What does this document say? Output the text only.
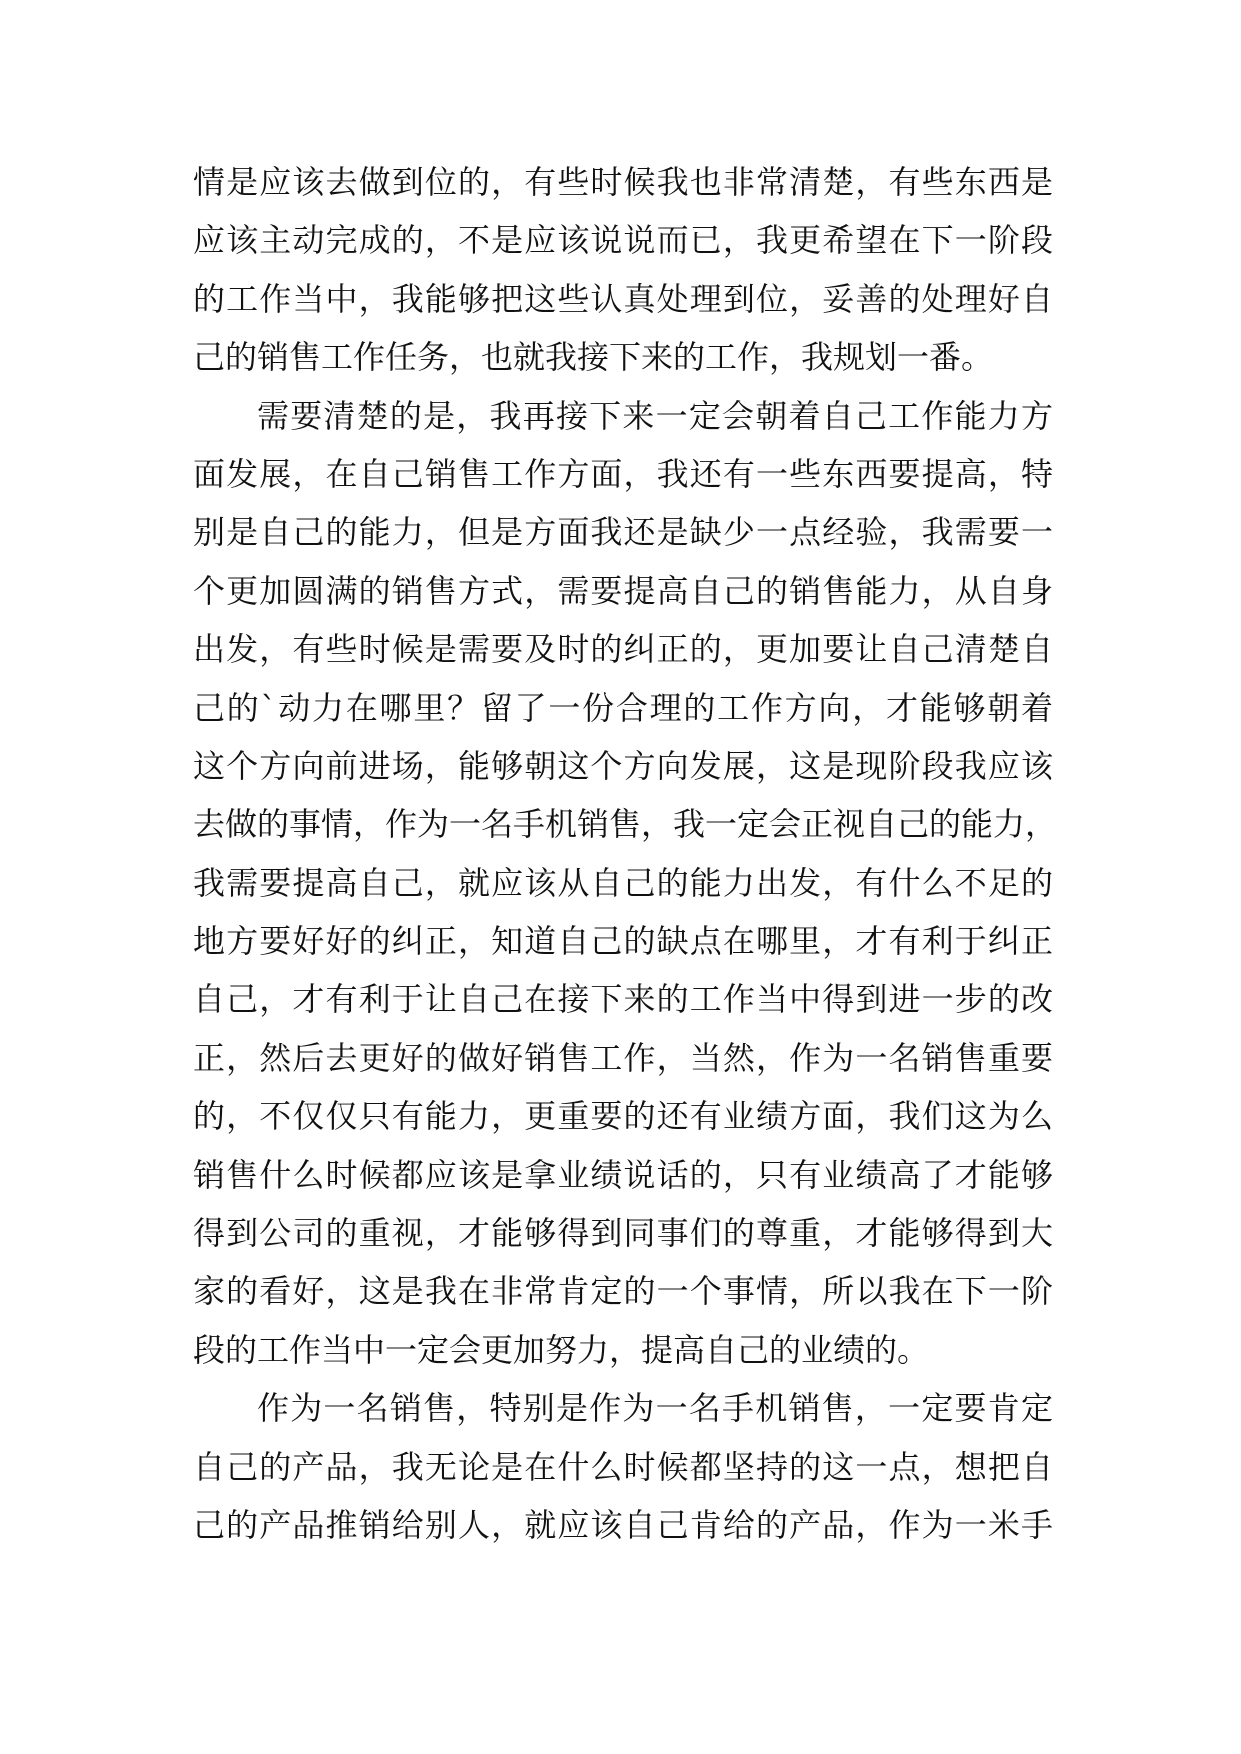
情是应该去做到位的，有些时候我也非常清楚，有些东西是
应该主动完成的，不是应该说说而已，我更希望在下一阶段
的工作当中，我能够把这些认真处理到位，妥善的处理好自
己的销售工作任务，也就我接下来的工作，我规划一番。
需要清楚的是，我再接下来一定会朝着自己工作能力方
面发展，在自己销售工作方面，我还有一些东西要提高，特
别是自己的能力，但是方面我还是缺少一点经验，我需要一
个更加圆满的销售方式，需要提高自己的销售能力，从自身
出发，有些时候是需要及时的纠正的，更加要让自己清楚自
己的`动力在哪里？留了一份合理的工作方向，才能够朝着
这个方向前进场，能够朝这个方向发展，这是现阶段我应该
去做的事情，作为一名手机销售，我一定会正视自己的能力，
我需要提高自己，就应该从自己的能力出发，有什么不足的
地方要好好的纠正，知道自己的缺点在哪里，才有利于纠正
自己，才有利于让自己在接下来的工作当中得到进一步的改
正，然后去更好的做好销售工作，当然，作为一名销售重要
的，不仅仅只有能力，更重要的还有业绩方面，我们这为么
销售什么时候都应该是拿业绩说话的，只有业绩高了才能够
得到公司的重视，才能够得到同事们的尊重，才能够得到大
家的看好，这是我在非常肯定的一个事情，所以我在下一阶
段的工作当中一定会更加努力，提高自己的业绩的。
作为一名销售，特别是作为一名手机销售，一定要肯定
自己的产品，我无论是在什么时候都坚持的这一点，想把自
己的产品推销给别人，就应该自己肯给的产品，作为一米手
